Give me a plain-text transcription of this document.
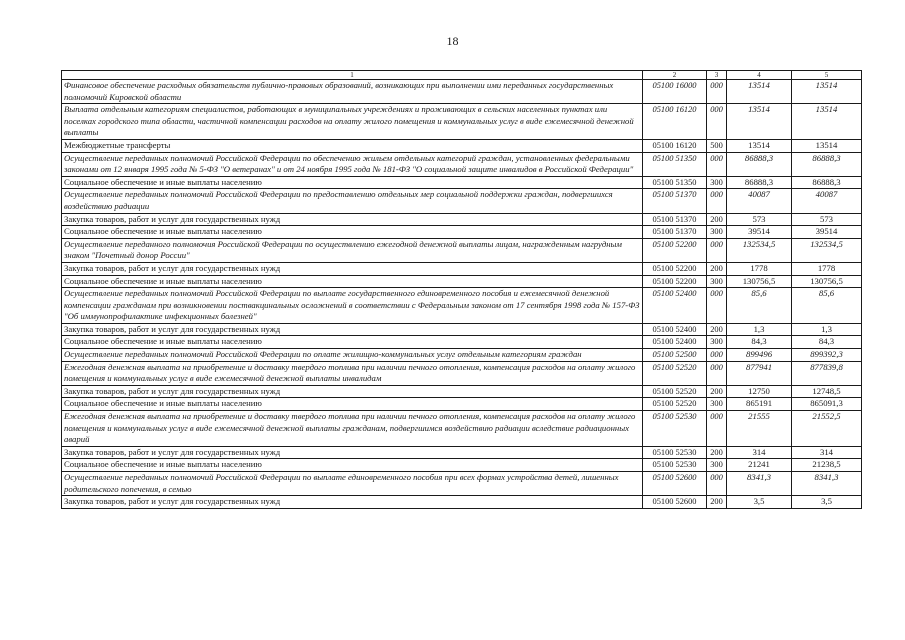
18
1	2	3	4	5
Финансовое обеспечение расходных обязательств публично-правовых образований, возникающих при выполнении ими переданных государственных полномочий Кировской области	05100 16000	000	13514	13514
Выплата отдельным категориям специалистов, работающих в муниципальных учреждениях и проживающих в сельских населенных пунктах или поселках городского типа области, частичной компенсации расходов на оплату жилого помещения и коммунальных услуг в виде ежемесячной денежной выплаты	05100 16120	000	13514	13514
Межбюджетные трансферты	05100 16120	500	13514	13514
Осуществление переданных полномочий Российской Федерации по обеспечению жильем отдельных категорий граждан, установленных федеральными законами от 12 января 1995 года № 5-ФЗ "О ветеранах" и от 24 ноября 1995 года № 181-ФЗ "О социальной защите инвалидов в Российской Федерации"	05100 51350	000	86888,3	86888,3
Социальное обеспечение и иные выплаты населению	05100 51350	300	86888,3	86888,3
Осуществление переданных полномочий Российской Федерации по предоставлению отдельных мер социальной поддержки граждан, подвергшихся воздействию радиации	05100 51370	000	40087	40087
Закупка товаров, работ и услуг для государственных нужд	05100 51370	200	573	573
Социальное обеспечение и иные выплаты населению	05100 51370	300	39514	39514
Осуществление переданного полномочия Российской Федерации по осуществлению ежегодной денежной выплаты лицам, награжденным нагрудным знаком "Почетный донор России"	05100 52200	000	132534,5	132534,5
Закупка товаров, работ и услуг для государственных нужд	05100 52200	200	1778	1778
Социальное обеспечение и иные выплаты населению	05100 52200	300	130756,5	130756,5
Осуществление переданных полномочий Российской Федерации по выплате государственного единовременного пособия и ежемесячной денежной компенсации гражданам при возникновении поствакцинальных осложнений в соответствии с Федеральным законом от 17 сентября 1998 года № 157-ФЗ "Об иммунопрофилактике инфекционных болезней"	05100 52400	000	85,6	85,6
Закупка товаров, работ и услуг для государственных нужд	05100 52400	200	1,3	1,3
Социальное обеспечение и иные выплаты населению	05100 52400	300	84,3	84,3
Осуществление переданных полномочий Российской Федерации по оплате жилищно-коммунальных услуг отдельным категориям граждан	05100 52500	000	899496	899392,3
Ежегодная денежная выплата на приобретение и доставку твердого топлива при наличии печного отопления, компенсация расходов на оплату жилого помещения и коммунальных услуг в виде ежемесячной денежной выплаты инвалидам	05100 52520	000	877941	877839,8
Закупка товаров, работ и услуг для государственных нужд	05100 52520	200	12750	12748,5
Социальное обеспечение и иные выплаты населению	05100 52520	300	865191	865091,3
Ежегодная денежная выплата на приобретение и доставку твердого топлива при наличии печного отопления, компенсация расходов на оплату жилого помещения и коммунальных услуг в виде ежемесячной денежной выплаты гражданам, подвергшимся воздействию радиации вследствие радиационных аварий	05100 52530	000	21555	21552,5
Закупка товаров, работ и услуг для государственных нужд	05100 52530	200	314	314
Социальное обеспечение и иные выплаты населению	05100 52530	300	21241	21238,5
Осуществление переданных полномочий Российской Федерации по выплате единовременного пособия при всех формах устройства детей, лишенных родительского попечения, в семью	05100 52600	000	8341,3	8341,3
Закупка товаров, работ и услуг для государственных нужд	05100 52600	200	3,5	3,5
